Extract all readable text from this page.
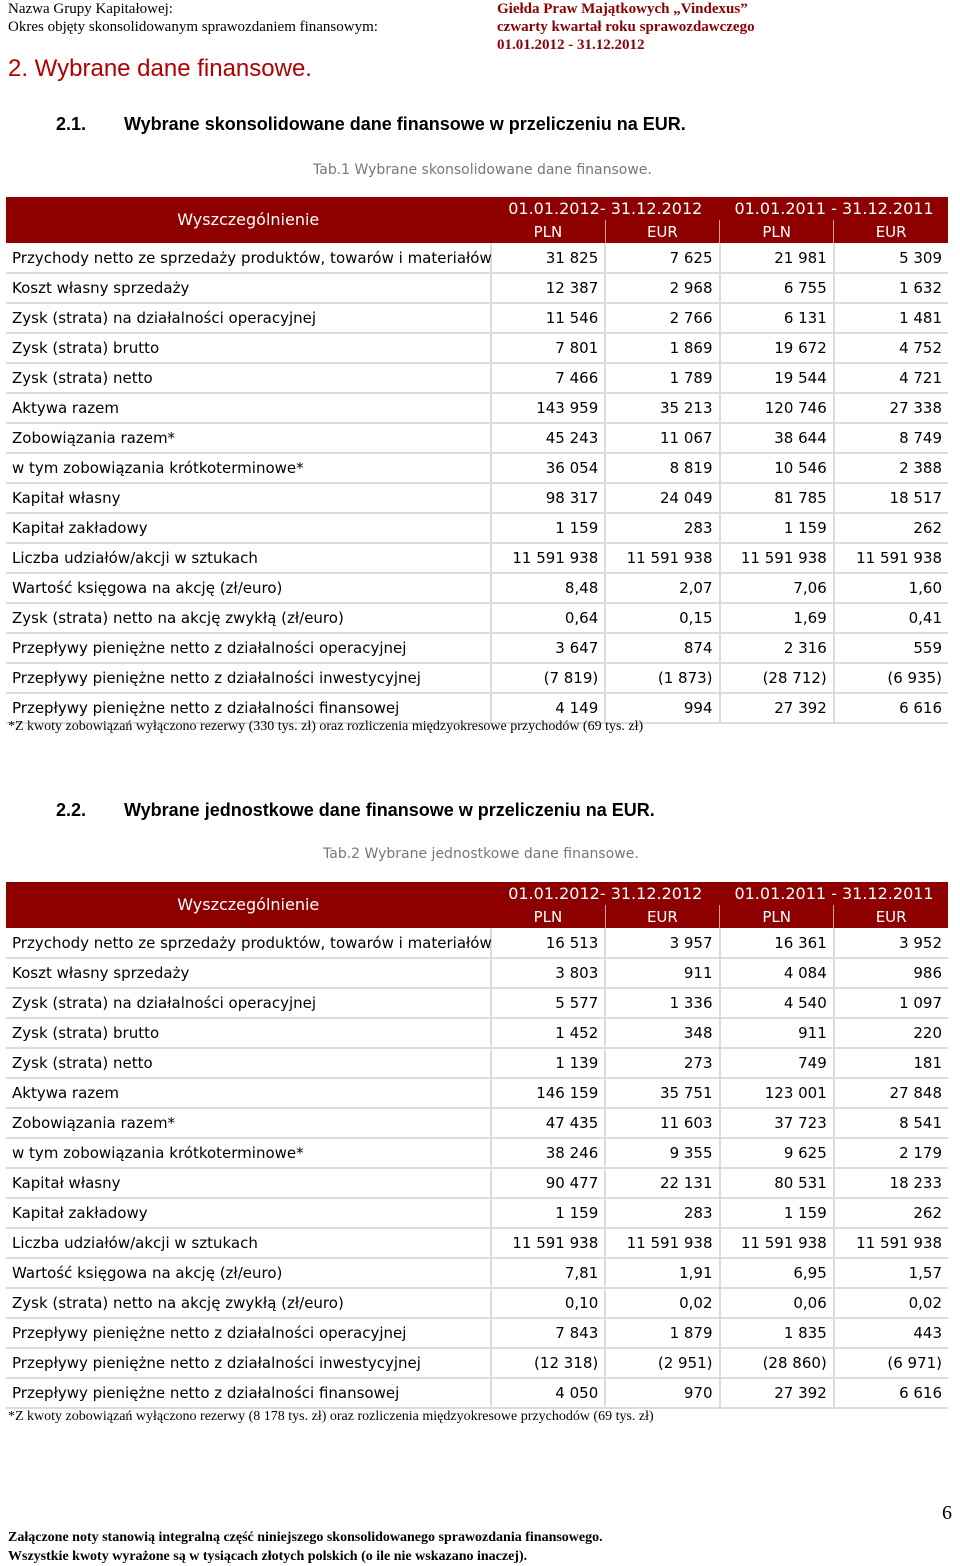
Nazwa Grupy Kapitałowej:
Okres objęty skonsolidowanym sprawozdaniem finansowym:
Giełda Praw Majątkowych „Vindexus”
czwarty kwartał roku sprawozdawczego
01.01.2012 - 31.12.2012
2. Wybrane dane finansowe.
2.1. Wybrane skonsolidowane dane finansowe w przeliczeniu na EUR.
Tab.1 Wybrane skonsolidowane dane finansowe.
Wyszczególnienie	01.01.2012- 31.12.2012		01.01.2011 - 31.12.2011	
	PLN	EUR	PLN	EUR
Przychody netto ze sprzedaży produktów, towarów i materiałów	31 825	7 625	21 981	5 309
Koszt własny sprzedaży	12 387	2 968	6 755	1 632
Zysk (strata) na działalności operacyjnej	11 546	2 766	6 131	1 481
Zysk (strata) brutto	7 801	1 869	19 672	4 752
Zysk (strata) netto	7 466	1 789	19 544	4 721
Aktywa razem	143 959	35 213	120 746	27 338
Zobowiązania razem*	45 243	11 067	38 644	8 749
w tym zobowiązania krótkoterminowe*	36 054	8 819	10 546	2 388
Kapitał własny	98 317	24 049	81 785	18 517
Kapitał zakładowy	1 159	283	1 159	262
Liczba udziałów/akcji w sztukach	11 591 938	11 591 938	11 591 938	11 591 938
Wartość księgowa na akcję (zł/euro)	8,48	2,07	7,06	1,60
Zysk (strata) netto na akcję zwykłą (zł/euro)	0,64	0,15	1,69	0,41
Przepływy pieniężne netto z działalności operacyjnej	3 647	874	2 316	559
Przepływy pieniężne netto z działalności inwestycyjnej	(7 819)	(1 873)	(28 712)	(6 935)
Przepływy pieniężne netto z działalności finansowej	4 149	994	27 392	6 616
*Z kwoty zobowiązań wyłączono rezerwy (330 tys. zł) oraz rozliczenia międzyokresowe przychodów (69 tys. zł)
2.2. Wybrane jednostkowe dane finansowe w przeliczeniu na EUR.
Tab.2 Wybrane jednostkowe dane finansowe.
Wyszczególnienie	01.01.2012- 31.12.2012		01.01.2011 - 31.12.2011	
	PLN	EUR	PLN	EUR
Przychody netto ze sprzedaży produktów, towarów i materiałów	16 513	3 957	16 361	3 952
Koszt własny sprzedaży	3 803	911	4 084	986
Zysk (strata) na działalności operacyjnej	5 577	1 336	4 540	1 097
Zysk (strata) brutto	1 452	348	911	220
Zysk (strata) netto	1 139	273	749	181
Aktywa razem	146 159	35 751	123 001	27 848
Zobowiązania razem*	47 435	11 603	37 723	8 541
w tym zobowiązania krótkoterminowe*	38 246	9 355	9 625	2 179
Kapitał własny	90 477	22 131	80 531	18 233
Kapitał zakładowy	1 159	283	1 159	262
Liczba udziałów/akcji w sztukach	11 591 938	11 591 938	11 591 938	11 591 938
Wartość księgowa na akcję (zł/euro)	7,81	1,91	6,95	1,57
Zysk (strata) netto na akcję zwykłą (zł/euro)	0,10	0,02	0,06	0,02
Przepływy pieniężne netto z działalności operacyjnej	7 843	1 879	1 835	443
Przepływy pieniężne netto z działalności inwestycyjnej	(12 318)	(2 951)	(28 860)	(6 971)
Przepływy pieniężne netto z działalności finansowej	4 050	970	27 392	6 616
*Z kwoty zobowiązań wyłączono rezerwy (8 178 tys. zł) oraz rozliczenia międzyokresowe przychodów (69 tys. zł)
6
Załączone noty stanowią integralną część niniejszego skonsolidowanego sprawozdania finansowego.
Wszystkie kwoty wyrażone są w tysiącach złotych polskich (o ile nie wskazano inaczej).
